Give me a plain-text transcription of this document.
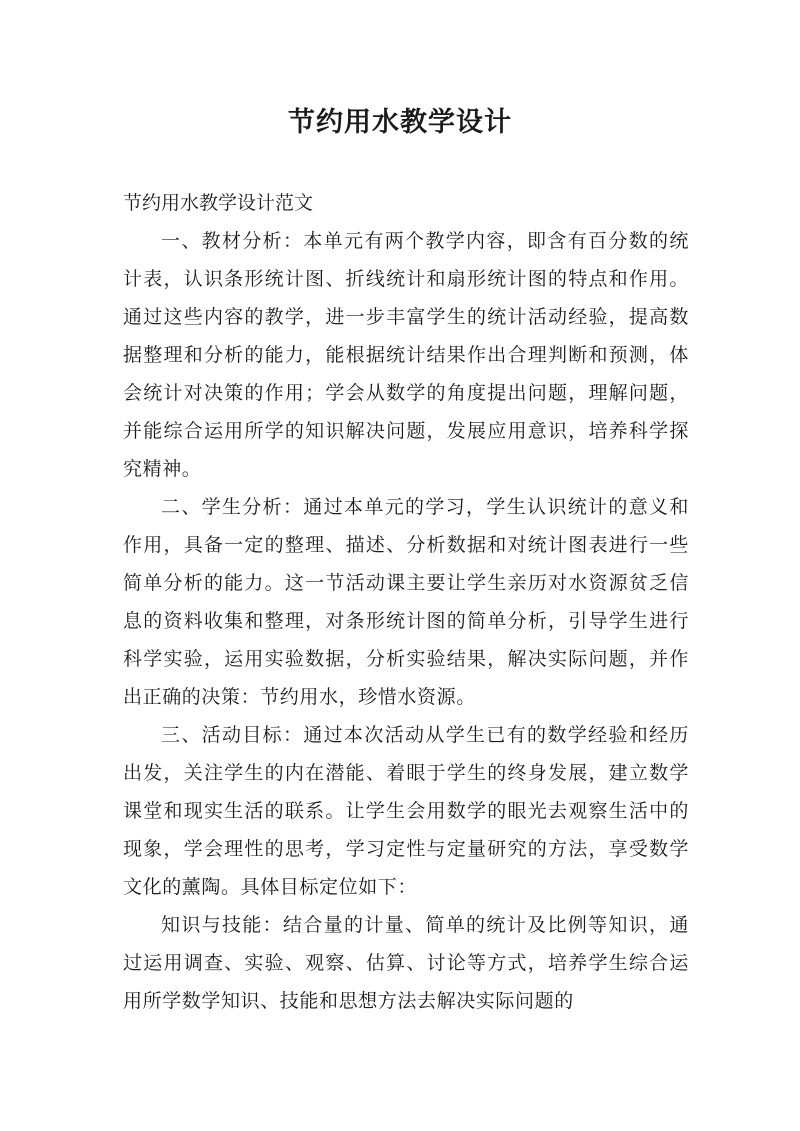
节约用水教学设计

节约用水教学设计范文

一、教材分析：本单元有两个教学内容，即含有百分数的统计表，认识条形统计图、折线统计和扇形统计图的特点和作用。通过这些内容的教学，进一步丰富学生的统计活动经验，提高数据整理和分析的能力，能根据统计结果作出合理判断和预测，体会统计对决策的作用；学会从数学的角度提出问题，理解问题，并能综合运用所学的知识解决问题，发展应用意识，培养科学探究精神。

二、学生分析：通过本单元的学习，学生认识统计的意义和作用，具备一定的整理、描述、分析数据和对统计图表进行一些简单分析的能力。这一节活动课主要让学生亲历对水资源贫乏信息的资料收集和整理，对条形统计图的简单分析，引导学生进行科学实验，运用实验数据，分析实验结果，解决实际问题，并作出正确的决策：节约用水，珍惜水资源。

三、活动目标：通过本次活动从学生已有的数学经验和经历出发，关注学生的内在潜能、着眼于学生的终身发展，建立数学课堂和现实生活的联系。让学生会用数学的眼光去观察生活中的现象，学会理性的思考，学习定性与定量研究的方法，享受数学文化的薰陶。具体目标定位如下：

知识与技能：结合量的计量、简单的统计及比例等知识，通过运用调查、实验、观察、估算、讨论等方式，培养学生综合运用所学数学知识、技能和思想方法去解决实际问题的
